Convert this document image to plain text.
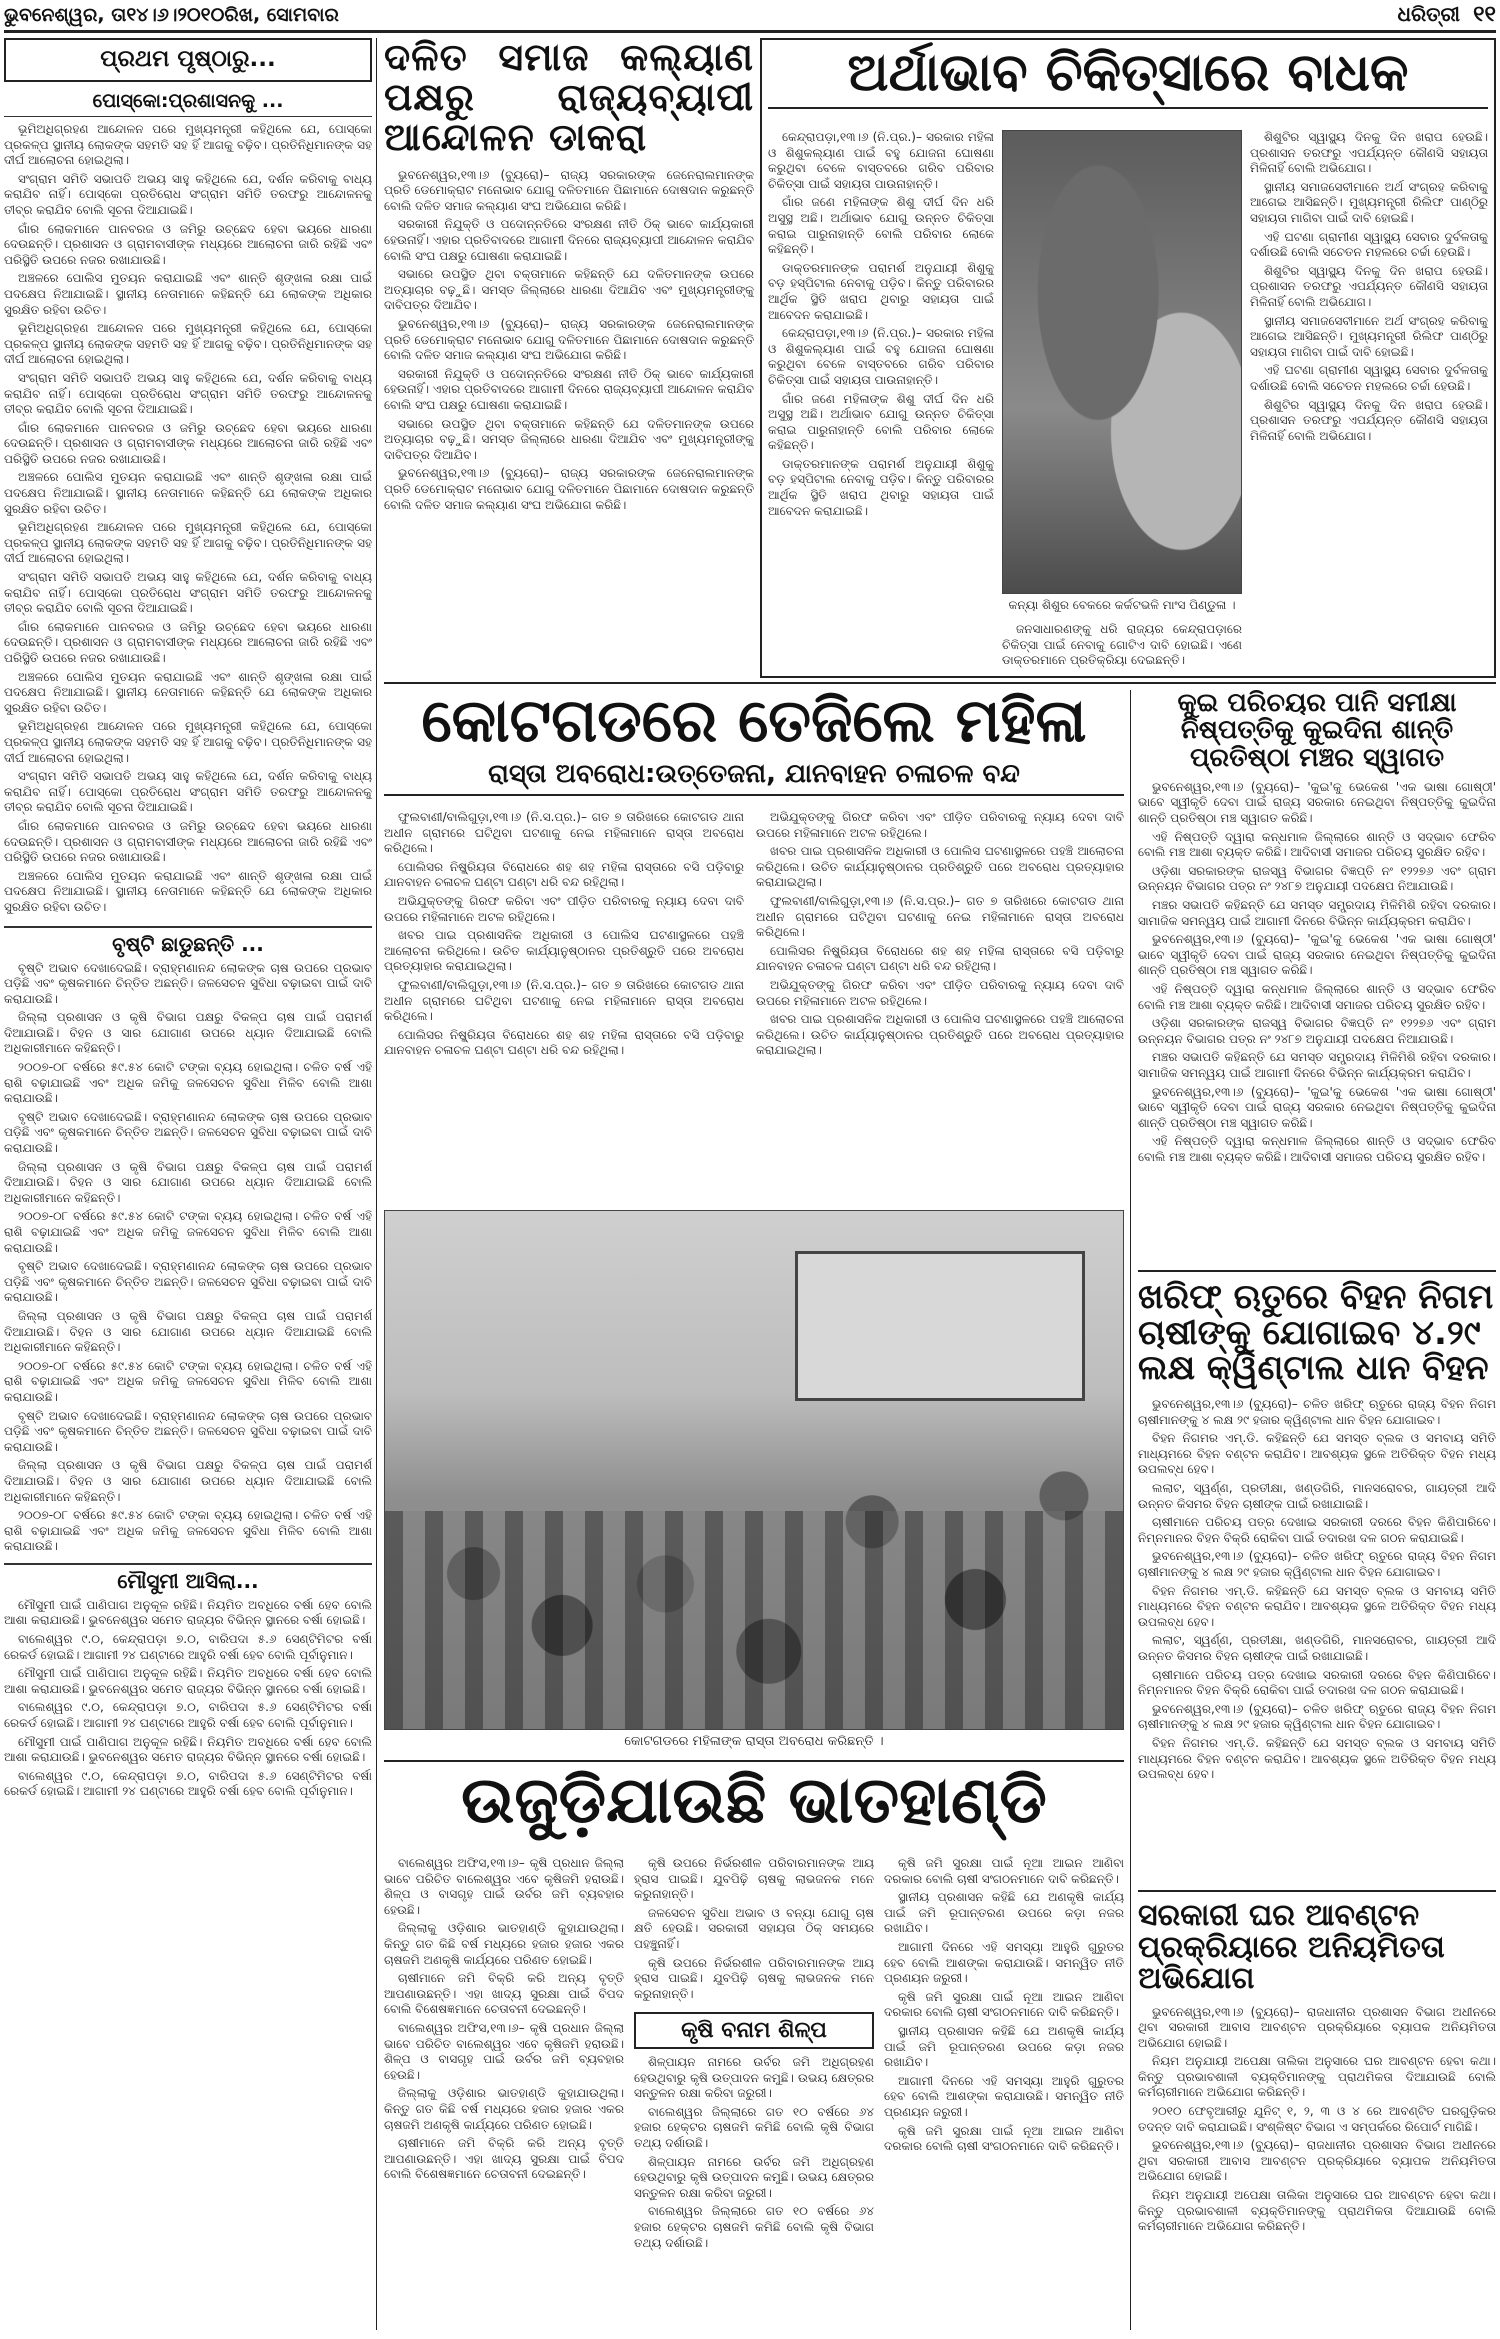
ଭୁବନେଶ୍ୱର, ତା୧୪।୬।୨୦୧୦ରିଖ, ସୋମବାର	ଧରିତ୍ରୀ ୧୧
ପ୍ରଥମ ପୃଷ୍ଠାରୁ...
ପୋସ୍କୋ:ପ୍ରଶାସନକୁ ...

ଭୂମିଅଧିଗ୍ରହଣ ଆନ୍ଦୋଳନ ପରେ ମୁଖ୍ୟମନ୍ତ୍ରୀ କହିଥିଲେ ଯେ, ପୋସ୍କୋ ପ୍ରକଳ୍ପ ସ୍ଥାନୀୟ ଲୋକଙ୍କ ସହମତି ସହ ହିଁ ଆଗକୁ ବଢ଼ିବ। ପ୍ରତିନିଧିମାନଙ୍କ ସହ ଦୀର୍ଘ ଆଲୋଚନା ହୋଇଥିଲା।

ସଂଗ୍ରାମ ସମିତି ସଭାପତି ଅଭୟ ସାହୁ କହିଥିଲେ ଯେ, ଦର୍ଶନ କରିବାକୁ ବାଧ୍ୟ କରାଯିବ ନାହିଁ। ପୋସ୍କୋ ପ୍ରତିରୋଧ ସଂଗ୍ରାମ ସମିତି ତରଫରୁ ଆନ୍ଦୋଳନକୁ ତୀବ୍ର କରାଯିବ ବୋଲି ସୂଚନା ଦିଆଯାଇଛି।

ଗାଁର ଲୋକମାନେ ପାନବରଜ ଓ ଜମିରୁ ଉଚ୍ଛେଦ ହେବା ଭୟରେ ଧାରଣା ଦେଉଛନ୍ତି। ପ୍ରଶାସନ ଓ ଗ୍ରାମବାସୀଙ୍କ ମଧ୍ୟରେ ଆଲୋଚନା ଜାରି ରହିଛି ଏବଂ ପରିସ୍ଥିତି ଉପରେ ନଜର ରଖାଯାଉଛି।

ଅଞ୍ଚଳରେ ପୋଲିସ ମୁତୟନ କରାଯାଇଛି ଏବଂ ଶାନ୍ତି ଶୃଙ୍ଖଳା ରକ୍ଷା ପାଇଁ ପଦକ୍ଷେପ ନିଆଯାଇଛି। ସ୍ଥାନୀୟ ନେତାମାନେ କହିଛନ୍ତି ଯେ ଲୋକଙ୍କ ଅଧିକାର ସୁରକ୍ଷିତ ରହିବା ଉଚିତ।

ଭୂମିଅଧିଗ୍ରହଣ ଆନ୍ଦୋଳନ ପରେ ମୁଖ୍ୟମନ୍ତ୍ରୀ କହିଥିଲେ ଯେ, ପୋସ୍କୋ ପ୍ରକଳ୍ପ ସ୍ଥାନୀୟ ଲୋକଙ୍କ ସହମତି ସହ ହିଁ ଆଗକୁ ବଢ଼ିବ। ପ୍ରତିନିଧିମାନଙ୍କ ସହ ଦୀର୍ଘ ଆଲୋଚନା ହୋଇଥିଲା।

ସଂଗ୍ରାମ ସମିତି ସଭାପତି ଅଭୟ ସାହୁ କହିଥିଲେ ଯେ, ଦର୍ଶନ କରିବାକୁ ବାଧ୍ୟ କରାଯିବ ନାହିଁ। ପୋସ୍କୋ ପ୍ରତିରୋଧ ସଂଗ୍ରାମ ସମିତି ତରଫରୁ ଆନ୍ଦୋଳନକୁ ତୀବ୍ର କରାଯିବ ବୋଲି ସୂଚନା ଦିଆଯାଇଛି।

ଗାଁର ଲୋକମାନେ ପାନବରଜ ଓ ଜମିରୁ ଉଚ୍ଛେଦ ହେବା ଭୟରେ ଧାରଣା ଦେଉଛନ୍ତି। ପ୍ରଶାସନ ଓ ଗ୍ରାମବାସୀଙ୍କ ମଧ୍ୟରେ ଆଲୋଚନା ଜାରି ରହିଛି ଏବଂ ପରିସ୍ଥିତି ଉପରେ ନଜର ରଖାଯାଉଛି।

ଅଞ୍ଚଳରେ ପୋଲିସ ମୁତୟନ କରାଯାଇଛି ଏବଂ ଶାନ୍ତି ଶୃଙ୍ଖଳା ରକ୍ଷା ପାଇଁ ପଦକ୍ଷେପ ନିଆଯାଇଛି। ସ୍ଥାନୀୟ ନେତାମାନେ କହିଛନ୍ତି ଯେ ଲୋକଙ୍କ ଅଧିକାର ସୁରକ୍ଷିତ ରହିବା ଉଚିତ।

ଭୂମିଅଧିଗ୍ରହଣ ଆନ୍ଦୋଳନ ପରେ ମୁଖ୍ୟମନ୍ତ୍ରୀ କହିଥିଲେ ଯେ, ପୋସ୍କୋ ପ୍ରକଳ୍ପ ସ୍ଥାନୀୟ ଲୋକଙ୍କ ସହମତି ସହ ହିଁ ଆଗକୁ ବଢ଼ିବ। ପ୍ରତିନିଧିମାନଙ୍କ ସହ ଦୀର୍ଘ ଆଲୋଚନା ହୋଇଥିଲା।

ସଂଗ୍ରାମ ସମିତି ସଭାପତି ଅଭୟ ସାହୁ କହିଥିଲେ ଯେ, ଦର୍ଶନ କରିବାକୁ ବାଧ୍ୟ କରାଯିବ ନାହିଁ। ପୋସ୍କୋ ପ୍ରତିରୋଧ ସଂଗ୍ରାମ ସମିତି ତରଫରୁ ଆନ୍ଦୋଳନକୁ ତୀବ୍ର କରାଯିବ ବୋଲି ସୂଚନା ଦିଆଯାଇଛି।

ଗାଁର ଲୋକମାନେ ପାନବରଜ ଓ ଜମିରୁ ଉଚ୍ଛେଦ ହେବା ଭୟରେ ଧାରଣା ଦେଉଛନ୍ତି। ପ୍ରଶାସନ ଓ ଗ୍ରାମବାସୀଙ୍କ ମଧ୍ୟରେ ଆଲୋଚନା ଜାରି ରହିଛି ଏବଂ ପରିସ୍ଥିତି ଉପରେ ନଜର ରଖାଯାଉଛି।

ଅଞ୍ଚଳରେ ପୋଲିସ ମୁତୟନ କରାଯାଇଛି ଏବଂ ଶାନ୍ତି ଶୃଙ୍ଖଳା ରକ୍ଷା ପାଇଁ ପଦକ୍ଷେପ ନିଆଯାଇଛି। ସ୍ଥାନୀୟ ନେତାମାନେ କହିଛନ୍ତି ଯେ ଲୋକଙ୍କ ଅଧିକାର ସୁରକ୍ଷିତ ରହିବା ଉଚିତ।

ଭୂମିଅଧିଗ୍ରହଣ ଆନ୍ଦୋଳନ ପରେ ମୁଖ୍ୟମନ୍ତ୍ରୀ କହିଥିଲେ ଯେ, ପୋସ୍କୋ ପ୍ରକଳ୍ପ ସ୍ଥାନୀୟ ଲୋକଙ୍କ ସହମତି ସହ ହିଁ ଆଗକୁ ବଢ଼ିବ। ପ୍ରତିନିଧିମାନଙ୍କ ସହ ଦୀର୍ଘ ଆଲୋଚନା ହୋଇଥିଲା।

ସଂଗ୍ରାମ ସମିତି ସଭାପତି ଅଭୟ ସାହୁ କହିଥିଲେ ଯେ, ଦର୍ଶନ କରିବାକୁ ବାଧ୍ୟ କରାଯିବ ନାହିଁ। ପୋସ୍କୋ ପ୍ରତିରୋଧ ସଂଗ୍ରାମ ସମିତି ତରଫରୁ ଆନ୍ଦୋଳନକୁ ତୀବ୍ର କରାଯିବ ବୋଲି ସୂଚନା ଦିଆଯାଇଛି।

ଗାଁର ଲୋକମାନେ ପାନବରଜ ଓ ଜମିରୁ ଉଚ୍ଛେଦ ହେବା ଭୟରେ ଧାରଣା ଦେଉଛନ୍ତି। ପ୍ରଶାସନ ଓ ଗ୍ରାମବାସୀଙ୍କ ମଧ୍ୟରେ ଆଲୋଚନା ଜାରି ରହିଛି ଏବଂ ପରିସ୍ଥିତି ଉପରେ ନଜର ରଖାଯାଉଛି।

ଅଞ୍ଚଳରେ ପୋଲିସ ମୁତୟନ କରାଯାଇଛି ଏବଂ ଶାନ୍ତି ଶୃଙ୍ଖଳା ରକ୍ଷା ପାଇଁ ପଦକ୍ଷେପ ନିଆଯାଇଛି। ସ୍ଥାନୀୟ ନେତାମାନେ କହିଛନ୍ତି ଯେ ଲୋକଙ୍କ ଅଧିକାର ସୁରକ୍ଷିତ ରହିବା ଉଚିତ।

ବୃଷ୍ଟି ଛାଡୁଛନ୍ତି ...

ବୃଷ୍ଟି ଅଭାବ ଦେଖାଦେଇଛି। ବ୍ରାହ୍ମଣାନନ୍ଦ ଲୋକଙ୍କ ଚାଷ ଉପରେ ପ୍ରଭାବ ପଡ଼ିଛି ଏବଂ କୃଷକମାନେ ଚିନ୍ତିତ ଅଛନ୍ତି। ଜଳସେଚନ ସୁବିଧା ବଢ଼ାଇବା ପାଇଁ ଦାବି କରାଯାଉଛି।

ଜିଲ୍ଲା ପ୍ରଶାସନ ଓ କୃଷି ବିଭାଗ ପକ୍ଷରୁ ବିକଳ୍ପ ଚାଷ ପାଇଁ ପରାମର୍ଶ ଦିଆଯାଉଛି। ବିହନ ଓ ସାର ଯୋଗାଣ ଉପରେ ଧ୍ୟାନ ଦିଆଯାଇଛି ବୋଲି ଅଧିକାରୀମାନେ କହିଛନ୍ତି।

୨୦୦୭-୦୮ ବର୍ଷରେ ୫୯.୫୪ କୋଟି ଟଙ୍କା ବ୍ୟୟ ହୋଇଥିଲା। ଚଳିତ ବର୍ଷ ଏହି ରାଶି ବଢ଼ାଯାଇଛି ଏବଂ ଅଧିକ ଜମିକୁ ଜଳସେଚନ ସୁବିଧା ମିଳିବ ବୋଲି ଆଶା କରାଯାଉଛି।

ବୃଷ୍ଟି ଅଭାବ ଦେଖାଦେଇଛି। ବ୍ରାହ୍ମଣାନନ୍ଦ ଲୋକଙ୍କ ଚାଷ ଉପରେ ପ୍ରଭାବ ପଡ଼ିଛି ଏବଂ କୃଷକମାନେ ଚିନ୍ତିତ ଅଛନ୍ତି। ଜଳସେଚନ ସୁବିଧା ବଢ଼ାଇବା ପାଇଁ ଦାବି କରାଯାଉଛି।

ଜିଲ୍ଲା ପ୍ରଶାସନ ଓ କୃଷି ବିଭାଗ ପକ୍ଷରୁ ବିକଳ୍ପ ଚାଷ ପାଇଁ ପରାମର୍ଶ ଦିଆଯାଉଛି। ବିହନ ଓ ସାର ଯୋଗାଣ ଉପରେ ଧ୍ୟାନ ଦିଆଯାଇଛି ବୋଲି ଅଧିକାରୀମାନେ କହିଛନ୍ତି।

୨୦୦୭-୦୮ ବର୍ଷରେ ୫୯.୫୪ କୋଟି ଟଙ୍କା ବ୍ୟୟ ହୋଇଥିଲା। ଚଳିତ ବର୍ଷ ଏହି ରାଶି ବଢ଼ାଯାଇଛି ଏବଂ ଅଧିକ ଜମିକୁ ଜଳସେଚନ ସୁବିଧା ମିଳିବ ବୋଲି ଆଶା କରାଯାଉଛି।

ବୃଷ୍ଟି ଅଭାବ ଦେଖାଦେଇଛି। ବ୍ରାହ୍ମଣାନନ୍ଦ ଲୋକଙ୍କ ଚାଷ ଉପରେ ପ୍ରଭାବ ପଡ଼ିଛି ଏବଂ କୃଷକମାନେ ଚିନ୍ତିତ ଅଛନ୍ତି। ଜଳସେଚନ ସୁବିଧା ବଢ଼ାଇବା ପାଇଁ ଦାବି କରାଯାଉଛି।

ଜିଲ୍ଲା ପ୍ରଶାସନ ଓ କୃଷି ବିଭାଗ ପକ୍ଷରୁ ବିକଳ୍ପ ଚାଷ ପାଇଁ ପରାମର୍ଶ ଦିଆଯାଉଛି। ବିହନ ଓ ସାର ଯୋଗାଣ ଉପରେ ଧ୍ୟାନ ଦିଆଯାଇଛି ବୋଲି ଅଧିକାରୀମାନେ କହିଛନ୍ତି।

୨୦୦୭-୦୮ ବର୍ଷରେ ୫୯.୫୪ କୋଟି ଟଙ୍କା ବ୍ୟୟ ହୋଇଥିଲା। ଚଳିତ ବର୍ଷ ଏହି ରାଶି ବଢ଼ାଯାଇଛି ଏବଂ ଅଧିକ ଜମିକୁ ଜଳସେଚନ ସୁବିଧା ମିଳିବ ବୋଲି ଆଶା କରାଯାଉଛି।

ବୃଷ୍ଟି ଅଭାବ ଦେଖାଦେଇଛି। ବ୍ରାହ୍ମଣାନନ୍ଦ ଲୋକଙ୍କ ଚାଷ ଉପରେ ପ୍ରଭାବ ପଡ଼ିଛି ଏବଂ କୃଷକମାନେ ଚିନ୍ତିତ ଅଛନ୍ତି। ଜଳସେଚନ ସୁବିଧା ବଢ଼ାଇବା ପାଇଁ ଦାବି କରାଯାଉଛି।

ଜିଲ୍ଲା ପ୍ରଶାସନ ଓ କୃଷି ବିଭାଗ ପକ୍ଷରୁ ବିକଳ୍ପ ଚାଷ ପାଇଁ ପରାମର୍ଶ ଦିଆଯାଉଛି। ବିହନ ଓ ସାର ଯୋଗାଣ ଉପରେ ଧ୍ୟାନ ଦିଆଯାଇଛି ବୋଲି ଅଧିକାରୀମାନେ କହିଛନ୍ତି।

୨୦୦୭-୦୮ ବର୍ଷରେ ୫୯.୫୪ କୋଟି ଟଙ୍କା ବ୍ୟୟ ହୋଇଥିଲା। ଚଳିତ ବର୍ଷ ଏହି ରାଶି ବଢ଼ାଯାଇଛି ଏବଂ ଅଧିକ ଜମିକୁ ଜଳସେଚନ ସୁବିଧା ମିଳିବ ବୋଲି ଆଶା କରାଯାଉଛି।

ମୌସୁମୀ ଆସିଲା...

ମୌସୁମୀ ପାଇଁ ପାଣିପାଗ ଅନୁକୂଳ ରହିଛି। ନିୟମିତ ଅବଧିରେ ବର୍ଷା ହେବ ବୋଲି ଆଶା କରାଯାଉଛି। ଭୁବନେଶ୍ୱର ସମେତ ରାଜ୍ୟର ବିଭିନ୍ନ ସ୍ଥାନରେ ବର୍ଷା ହୋଇଛି।

ବାଲେଶ୍ୱର ୯.୦, କେନ୍ଦ୍ରାପଡ଼ା ୭.୦, ବାରିପଦା ୫.୬ ସେଣ୍ଟିମିଟର ବର୍ଷା ରେକର୍ଡ ହୋଇଛି। ଆଗାମୀ ୨୪ ଘଣ୍ଟାରେ ଆହୁରି ବର୍ଷା ହେବ ବୋଲି ପୂର୍ବାନୁମାନ।

ମୌସୁମୀ ପାଇଁ ପାଣିପାଗ ଅନୁକୂଳ ରହିଛି। ନିୟମିତ ଅବଧିରେ ବର୍ଷା ହେବ ବୋଲି ଆଶା କରାଯାଉଛି। ଭୁବନେଶ୍ୱର ସମେତ ରାଜ୍ୟର ବିଭିନ୍ନ ସ୍ଥାନରେ ବର୍ଷା ହୋଇଛି।

ବାଲେଶ୍ୱର ୯.୦, କେନ୍ଦ୍ରାପଡ଼ା ୭.୦, ବାରିପଦା ୫.୬ ସେଣ୍ଟିମିଟର ବର୍ଷା ରେକର୍ଡ ହୋଇଛି। ଆଗାମୀ ୨୪ ଘଣ୍ଟାରେ ଆହୁରି ବର୍ଷା ହେବ ବୋଲି ପୂର୍ବାନୁମାନ।

ମୌସୁମୀ ପାଇଁ ପାଣିପାଗ ଅନୁକୂଳ ରହିଛି। ନିୟମିତ ଅବଧିରେ ବର୍ଷା ହେବ ବୋଲି ଆଶା କରାଯାଉଛି। ଭୁବନେଶ୍ୱର ସମେତ ରାଜ୍ୟର ବିଭିନ୍ନ ସ୍ଥାନରେ ବର୍ଷା ହୋଇଛି।

ବାଲେଶ୍ୱର ୯.୦, କେନ୍ଦ୍ରାପଡ଼ା ୭.୦, ବାରିପଦା ୫.୬ ସେଣ୍ଟିମିଟର ବର୍ଷା ରେକର୍ଡ ହୋଇଛି। ଆଗାମୀ ୨୪ ଘଣ୍ଟାରେ ଆହୁରି ବର୍ଷା ହେବ ବୋଲି ପୂର୍ବାନୁମାନ।

ଦଳିତ ସମାଜ କଲ୍ୟାଣ ପକ୍ଷରୁ ରାଜ୍ୟବ୍ୟାପୀ ଆନ୍ଦୋଳନ ଡାକରା

ଭୁବନେଶ୍ୱର,୧୩।୬ (ବ୍ୟୁରୋ)– ରାଜ୍ୟ ସରକାରଙ୍କ ଜେନେରାଲମାନଙ୍କ ପ୍ରତି ଡେମୋକ୍ରାଟ ମନୋଭାବ ଯୋଗୁ ଦଳିତମାନେ ପିଛାମାନେ ଦୋଷଦାନ କରୁଛନ୍ତି ବୋଲି ଦଳିତ ସମାଜ କଲ୍ୟାଣ ସଂଘ ଅଭିଯୋଗ କରିଛି।

ସରକାରୀ ନିଯୁକ୍ତି ଓ ପଦୋନ୍ନତିରେ ସଂରକ୍ଷଣ ନୀତି ଠିକ୍ ଭାବେ କାର୍ଯ୍ୟକାରୀ ହେଉନାହିଁ। ଏହାର ପ୍ରତିବାଦରେ ଆଗାମୀ ଦିନରେ ରାଜ୍ୟବ୍ୟାପୀ ଆନ୍ଦୋଳନ କରାଯିବ ବୋଲି ସଂଘ ପକ୍ଷରୁ ଘୋଷଣା କରାଯାଇଛି।

ସଭାରେ ଉପସ୍ଥିତ ଥିବା ବକ୍ତାମାନେ କହିଛନ୍ତି ଯେ ଦଳିତମାନଙ୍କ ଉପରେ ଅତ୍ୟାଚାର ବଢ଼ୁଛି। ସମସ୍ତ ଜିଲ୍ଲାରେ ଧାରଣା ଦିଆଯିବ ଏବଂ ମୁଖ୍ୟମନ୍ତ୍ରୀଙ୍କୁ ଦାବିପତ୍ର ଦିଆଯିବ।

ଭୁବନେଶ୍ୱର,୧୩।୬ (ବ୍ୟୁରୋ)– ରାଜ୍ୟ ସରକାରଙ୍କ ଜେନେରାଲମାନଙ୍କ ପ୍ରତି ଡେମୋକ୍ରାଟ ମନୋଭାବ ଯୋଗୁ ଦଳିତମାନେ ପିଛାମାନେ ଦୋଷଦାନ କରୁଛନ୍ତି ବୋଲି ଦଳିତ ସମାଜ କଲ୍ୟାଣ ସଂଘ ଅଭିଯୋଗ କରିଛି।

ସରକାରୀ ନିଯୁକ୍ତି ଓ ପଦୋନ୍ନତିରେ ସଂରକ୍ଷଣ ନୀତି ଠିକ୍ ଭାବେ କାର୍ଯ୍ୟକାରୀ ହେଉନାହିଁ। ଏହାର ପ୍ରତିବାଦରେ ଆଗାମୀ ଦିନରେ ରାଜ୍ୟବ୍ୟାପୀ ଆନ୍ଦୋଳନ କରାଯିବ ବୋଲି ସଂଘ ପକ୍ଷରୁ ଘୋଷଣା କରାଯାଇଛି।

ସଭାରେ ଉପସ୍ଥିତ ଥିବା ବକ୍ତାମାନେ କହିଛନ୍ତି ଯେ ଦଳିତମାନଙ୍କ ଉପରେ ଅତ୍ୟାଚାର ବଢ଼ୁଛି। ସମସ୍ତ ଜିଲ୍ଲାରେ ଧାରଣା ଦିଆଯିବ ଏବଂ ମୁଖ୍ୟମନ୍ତ୍ରୀଙ୍କୁ ଦାବିପତ୍ର ଦିଆଯିବ।

ଭୁବନେଶ୍ୱର,୧୩।୬ (ବ୍ୟୁରୋ)– ରାଜ୍ୟ ସରକାରଙ୍କ ଜେନେରାଲମାନଙ୍କ ପ୍ରତି ଡେମୋକ୍ରାଟ ମନୋଭାବ ଯୋଗୁ ଦଳିତମାନେ ପିଛାମାନେ ଦୋଷଦାନ କରୁଛନ୍ତି ବୋଲି ଦଳିତ ସମାଜ କଲ୍ୟାଣ ସଂଘ ଅଭିଯୋଗ କରିଛି।

ଅର୍ଥାଭାବ ଚିକିତ୍ସାରେ ବାଧକ

କେନ୍ଦ୍ରାପଡ଼ା,୧୩।୬ (ନି.ପ୍ର.)– ସରକାର ମହିଳା ଓ ଶିଶୁକଲ୍ୟାଣ ପାଇଁ ବହୁ ଯୋଜନା ଘୋଷଣା କରୁଥିବା ବେଳେ ବାସ୍ତବରେ ଗରିବ ପରିବାର ଚିକିତ୍ସା ପାଇଁ ସହାୟତା ପାଉନାହାନ୍ତି।

ଗାଁର ଜଣେ ମହିଳାଙ୍କ ଶିଶୁ ଦୀର୍ଘ ଦିନ ଧରି ଅସୁସ୍ଥ ଅଛି। ଅର୍ଥାଭାବ ଯୋଗୁ ଉନ୍ନତ ଚିକିତ୍ସା କରାଇ ପାରୁନାହାନ୍ତି ବୋଲି ପରିବାର ଲୋକେ କହିଛନ୍ତି।

ଡାକ୍ତରମାନଙ୍କ ପରାମର୍ଶ ଅନୁଯାୟୀ ଶିଶୁକୁ ବଡ଼ ହସ୍ପିଟାଲ ନେବାକୁ ପଡ଼ିବ। କିନ୍ତୁ ପରିବାରର ଆର୍ଥିକ ସ୍ଥିତି ଖରାପ ଥିବାରୁ ସହାୟତା ପାଇଁ ଆବେଦନ କରାଯାଇଛି।

କେନ୍ଦ୍ରାପଡ଼ା,୧୩।୬ (ନି.ପ୍ର.)– ସରକାର ମହିଳା ଓ ଶିଶୁକଲ୍ୟାଣ ପାଇଁ ବହୁ ଯୋଜନା ଘୋଷଣା କରୁଥିବା ବେଳେ ବାସ୍ତବରେ ଗରିବ ପରିବାର ଚିକିତ୍ସା ପାଇଁ ସହାୟତା ପାଉନାହାନ୍ତି।

ଗାଁର ଜଣେ ମହିଳାଙ୍କ ଶିଶୁ ଦୀର୍ଘ ଦିନ ଧରି ଅସୁସ୍ଥ ଅଛି। ଅର୍ଥାଭାବ ଯୋଗୁ ଉନ୍ନତ ଚିକିତ୍ସା କରାଇ ପାରୁନାହାନ୍ତି ବୋଲି ପରିବାର ଲୋକେ କହିଛନ୍ତି।

ଡାକ୍ତରମାନଙ୍କ ପରାମର୍ଶ ଅନୁଯାୟୀ ଶିଶୁକୁ ବଡ଼ ହସ୍ପିଟାଲ ନେବାକୁ ପଡ଼ିବ। କିନ୍ତୁ ପରିବାରର ଆର୍ଥିକ ସ୍ଥିତି ଖରାପ ଥିବାରୁ ସହାୟତା ପାଇଁ ଆବେଦନ କରାଯାଇଛି।

କନ୍ୟା ଶିଶୁର ବେକରେ କର୍କଟଭଳି ମାଂସ ପିଣ୍ଡୁଳା ।

ଜନସାଧାରଣଙ୍କୁ ଧରି ରାଜ୍ୟର କେନ୍ଦ୍ରାପଡ଼ାରେ ଚିକିତ୍ସା ପାଇଁ ନେବାକୁ ଗୋଟିଏ ଦାବି ହୋଇଛି। ଏଣେ ଡାକ୍ତରମାନେ ପ୍ରତିକ୍ରିୟା ଦେଇଛନ୍ତି।

ଶିଶୁଟିର ସ୍ୱାସ୍ଥ୍ୟ ଦିନକୁ ଦିନ ଖରାପ ହେଉଛି। ପ୍ରଶାସନ ତରଫରୁ ଏପର୍ଯ୍ୟନ୍ତ କୌଣସି ସହାୟତା ମିଳିନାହିଁ ବୋଲି ଅଭିଯୋଗ।

ସ୍ଥାନୀୟ ସମାଜସେବୀମାନେ ଅର୍ଥ ସଂଗ୍ରହ କରିବାକୁ ଆଗେଇ ଆସିଛନ୍ତି। ମୁଖ୍ୟମନ୍ତ୍ରୀ ରିଲିଫ ପାଣ୍ଠିରୁ ସହାୟତା ମାଗିବା ପାଇଁ ଦାବି ହୋଇଛି।

ଏହି ଘଟଣା ଗ୍ରାମୀଣ ସ୍ୱାସ୍ଥ୍ୟ ସେବାର ଦୁର୍ବଳତାକୁ ଦର୍ଶାଉଛି ବୋଲି ସଚେତନ ମହଲରେ ଚର୍ଚ୍ଚା ହେଉଛି।

ଶିଶୁଟିର ସ୍ୱାସ୍ଥ୍ୟ ଦିନକୁ ଦିନ ଖରାପ ହେଉଛି। ପ୍ରଶାସନ ତରଫରୁ ଏପର୍ଯ୍ୟନ୍ତ କୌଣସି ସହାୟତା ମିଳିନାହିଁ ବୋଲି ଅଭିଯୋଗ।

ସ୍ଥାନୀୟ ସମାଜସେବୀମାନେ ଅର୍ଥ ସଂଗ୍ରହ କରିବାକୁ ଆଗେଇ ଆସିଛନ୍ତି। ମୁଖ୍ୟମନ୍ତ୍ରୀ ରିଲିଫ ପାଣ୍ଠିରୁ ସହାୟତା ମାଗିବା ପାଇଁ ଦାବି ହୋଇଛି।

ଏହି ଘଟଣା ଗ୍ରାମୀଣ ସ୍ୱାସ୍ଥ୍ୟ ସେବାର ଦୁର୍ବଳତାକୁ ଦର୍ଶାଉଛି ବୋଲି ସଚେତନ ମହଲରେ ଚର୍ଚ୍ଚା ହେଉଛି।

ଶିଶୁଟିର ସ୍ୱାସ୍ଥ୍ୟ ଦିନକୁ ଦିନ ଖରାପ ହେଉଛି। ପ୍ରଶାସନ ତରଫରୁ ଏପର୍ଯ୍ୟନ୍ତ କୌଣସି ସହାୟତା ମିଳିନାହିଁ ବୋଲି ଅଭିଯୋଗ।

କୋଟଗଡରେ ତେଜିଲେ ମହିଳା
ରାସ୍ତା ଅବରୋଧ:ଉତ୍ତେଜନା, ଯାନବାହନ ଚଳାଚଳ ବନ୍ଦ

ଫୁଲବାଣୀ/ବାଲିଗୁଡ଼ା,୧୩।୬ (ନି.ସ.ପ୍ର.)– ଗତ ୭ ତାରିଖରେ କୋଟଗଡ ଥାନା ଅଧୀନ ଗ୍ରାମରେ ଘଟିଥିବା ଘଟଣାକୁ ନେଇ ମହିଳାମାନେ ରାସ୍ତା ଅବରୋଧ କରିଥିଲେ।

ପୋଲିସର ନିଷ୍କ୍ରିୟତା ବିରୋଧରେ ଶହ ଶହ ମହିଳା ରାସ୍ତାରେ ବସି ପଡ଼ିବାରୁ ଯାନବାହନ ଚଳାଚଳ ଘଣ୍ଟା ଘଣ୍ଟା ଧରି ବନ୍ଦ ରହିଥିଲା।

ଅଭିଯୁକ୍ତଙ୍କୁ ଗିରଫ କରିବା ଏବଂ ପୀଡ଼ିତ ପରିବାରକୁ ନ୍ୟାୟ ଦେବା ଦାବି ଉପରେ ମହିଳାମାନେ ଅଟଳ ରହିଥିଲେ।

ଖବର ପାଇ ପ୍ରଶାସନିକ ଅଧିକାରୀ ଓ ପୋଲିସ ଘଟଣାସ୍ଥଳରେ ପହଞ୍ଚି ଆଲୋଚନା କରିଥିଲେ। ଉଚିତ କାର୍ଯ୍ୟାନୁଷ୍ଠାନର ପ୍ରତିଶ୍ରୁତି ପରେ ଅବରୋଧ ପ୍ରତ୍ୟାହାର କରାଯାଇଥିଲା।

ଫୁଲବାଣୀ/ବାଲିଗୁଡ଼ା,୧୩।୬ (ନି.ସ.ପ୍ର.)– ଗତ ୭ ତାରିଖରେ କୋଟଗଡ ଥାନା ଅଧୀନ ଗ୍ରାମରେ ଘଟିଥିବା ଘଟଣାକୁ ନେଇ ମହିଳାମାନେ ରାସ୍ତା ଅବରୋଧ କରିଥିଲେ।

ପୋଲିସର ନିଷ୍କ୍ରିୟତା ବିରୋଧରେ ଶହ ଶହ ମହିଳା ରାସ୍ତାରେ ବସି ପଡ଼ିବାରୁ ଯାନବାହନ ଚଳାଚଳ ଘଣ୍ଟା ଘଣ୍ଟା ଧରି ବନ୍ଦ ରହିଥିଲା।

ଅଭିଯୁକ୍ତଙ୍କୁ ଗିରଫ କରିବା ଏବଂ ପୀଡ଼ିତ ପରିବାରକୁ ନ୍ୟାୟ ଦେବା ଦାବି ଉପରେ ମହିଳାମାନେ ଅଟଳ ରହିଥିଲେ।

ଖବର ପାଇ ପ୍ରଶାସନିକ ଅଧିକାରୀ ଓ ପୋଲିସ ଘଟଣାସ୍ଥଳରେ ପହଞ୍ଚି ଆଲୋଚନା କରିଥିଲେ। ଉଚିତ କାର୍ଯ୍ୟାନୁଷ୍ଠାନର ପ୍ରତିଶ୍ରୁତି ପରେ ଅବରୋଧ ପ୍ରତ୍ୟାହାର କରାଯାଇଥିଲା।

ଫୁଲବାଣୀ/ବାଲିଗୁଡ଼ା,୧୩।୬ (ନି.ସ.ପ୍ର.)– ଗତ ୭ ତାରିଖରେ କୋଟଗଡ ଥାନା ଅଧୀନ ଗ୍ରାମରେ ଘଟିଥିବା ଘଟଣାକୁ ନେଇ ମହିଳାମାନେ ରାସ୍ତା ଅବରୋଧ କରିଥିଲେ।

ପୋଲିସର ନିଷ୍କ୍ରିୟତା ବିରୋଧରେ ଶହ ଶହ ମହିଳା ରାସ୍ତାରେ ବସି ପଡ଼ିବାରୁ ଯାନବାହନ ଚଳାଚଳ ଘଣ୍ଟା ଘଣ୍ଟା ଧରି ବନ୍ଦ ରହିଥିଲା।

ଅଭିଯୁକ୍ତଙ୍କୁ ଗିରଫ କରିବା ଏବଂ ପୀଡ଼ିତ ପରିବାରକୁ ନ୍ୟାୟ ଦେବା ଦାବି ଉପରେ ମହିଳାମାନେ ଅଟଳ ରହିଥିଲେ।

ଖବର ପାଇ ପ୍ରଶାସନିକ ଅଧିକାରୀ ଓ ପୋଲିସ ଘଟଣାସ୍ଥଳରେ ପହଞ୍ଚି ଆଲୋଚନା କରିଥିଲେ। ଉଚିତ କାର୍ଯ୍ୟାନୁଷ୍ଠାନର ପ୍ରତିଶ୍ରୁତି ପରେ ଅବରୋଧ ପ୍ରତ୍ୟାହାର କରାଯାଇଥିଲା।

କୋଟଗଡରେ ମହିଳାଙ୍କ ରାସ୍ତା ଅବରୋଧ କରିଛନ୍ତି ।
କୁଇ ପରିଚୟର ପାନି ସମୀକ୍ଷା ନିଷ୍ପତ୍ତିକୁ କୁଇଦିନା ଶାନ୍ତି ପ୍ରତିଷ୍ଠା ମଞ୍ଚର ସ୍ୱାଗତ

ଭୁବନେଶ୍ୱର,୧୩।୬ (ବ୍ୟୁରୋ)– 'କୁଇ'କୁ ଭେକେଶ 'ଏକ ଭାଷା ଗୋଷ୍ଠୀ' ଭାବେ ସ୍ୱୀକୃତି ଦେବା ପାଇଁ ରାଜ୍ୟ ସରକାର ନେଇଥିବା ନିଷ୍ପତ୍ତିକୁ କୁଇଦିନା ଶାନ୍ତି ପ୍ରତିଷ୍ଠା ମଞ୍ଚ ସ୍ୱାଗତ କରିଛି।

ଏହି ନିଷ୍ପତ୍ତି ଦ୍ୱାରା କନ୍ଧମାଳ ଜିଲ୍ଲାରେ ଶାନ୍ତି ଓ ସଦ୍ଭାବ ଫେରିବ ବୋଲି ମଞ୍ଚ ଆଶା ବ୍ୟକ୍ତ କରିଛି। ଆଦିବାସୀ ସମାଜର ପରିଚୟ ସୁରକ୍ଷିତ ରହିବ।

ଓଡ଼ିଶା ସରକାରଙ୍କ ରାଜସ୍ୱ ବିଭାଗର ବିଜ୍ଞପ୍ତି ନଂ ୧୨୨୭୬ ଏବଂ ଗ୍ରାମ ଉନ୍ନୟନ ବିଭାଗର ପତ୍ର ନଂ ୨୪୮୭ ଅନୁଯାୟୀ ପଦକ୍ଷେପ ନିଆଯାଉଛି।

ମଞ୍ଚର ସଭାପତି କହିଛନ୍ତି ଯେ ସମସ୍ତ ସମ୍ପ୍ରଦାୟ ମିଳିମିଶି ରହିବା ଦରକାର। ସାମାଜିକ ସମନ୍ୱୟ ପାଇଁ ଆଗାମୀ ଦିନରେ ବିଭିନ୍ନ କାର୍ଯ୍ୟକ୍ରମ କରାଯିବ।

ଭୁବନେଶ୍ୱର,୧୩।୬ (ବ୍ୟୁରୋ)– 'କୁଇ'କୁ ଭେକେଶ 'ଏକ ଭାଷା ଗୋଷ୍ଠୀ' ଭାବେ ସ୍ୱୀକୃତି ଦେବା ପାଇଁ ରାଜ୍ୟ ସରକାର ନେଇଥିବା ନିଷ୍ପତ୍ତିକୁ କୁଇଦିନା ଶାନ୍ତି ପ୍ରତିଷ୍ଠା ମଞ୍ଚ ସ୍ୱାଗତ କରିଛି।

ଏହି ନିଷ୍ପତ୍ତି ଦ୍ୱାରା କନ୍ଧମାଳ ଜିଲ୍ଲାରେ ଶାନ୍ତି ଓ ସଦ୍ଭାବ ଫେରିବ ବୋଲି ମଞ୍ଚ ଆଶା ବ୍ୟକ୍ତ କରିଛି। ଆଦିବାସୀ ସମାଜର ପରିଚୟ ସୁରକ୍ଷିତ ରହିବ।

ଓଡ଼ିଶା ସରକାରଙ୍କ ରାଜସ୍ୱ ବିଭାଗର ବିଜ୍ଞପ୍ତି ନଂ ୧୨୨୭୬ ଏବଂ ଗ୍ରାମ ଉନ୍ନୟନ ବିଭାଗର ପତ୍ର ନଂ ୨୪୮୭ ଅନୁଯାୟୀ ପଦକ୍ଷେପ ନିଆଯାଉଛି।

ମଞ୍ଚର ସଭାପତି କହିଛନ୍ତି ଯେ ସମସ୍ତ ସମ୍ପ୍ରଦାୟ ମିଳିମିଶି ରହିବା ଦରକାର। ସାମାଜିକ ସମନ୍ୱୟ ପାଇଁ ଆଗାମୀ ଦିନରେ ବିଭିନ୍ନ କାର୍ଯ୍ୟକ୍ରମ କରାଯିବ।

ଭୁବନେଶ୍ୱର,୧୩।୬ (ବ୍ୟୁରୋ)– 'କୁଇ'କୁ ଭେକେଶ 'ଏକ ଭାଷା ଗୋଷ୍ଠୀ' ଭାବେ ସ୍ୱୀକୃତି ଦେବା ପାଇଁ ରାଜ୍ୟ ସରକାର ନେଇଥିବା ନିଷ୍ପତ୍ତିକୁ କୁଇଦିନା ଶାନ୍ତି ପ୍ରତିଷ୍ଠା ମଞ୍ଚ ସ୍ୱାଗତ କରିଛି।

ଏହି ନିଷ୍ପତ୍ତି ଦ୍ୱାରା କନ୍ଧମାଳ ଜିଲ୍ଲାରେ ଶାନ୍ତି ଓ ସଦ୍ଭାବ ଫେରିବ ବୋଲି ମଞ୍ଚ ଆଶା ବ୍ୟକ୍ତ କରିଛି। ଆଦିବାସୀ ସମାଜର ପରିଚୟ ସୁରକ୍ଷିତ ରହିବ।

ଖରିଫ୍ ଋତୁରେ ବିହନ ନିଗମ ଚାଷୀଙ୍କୁ ଯୋଗାଇବ ୪.୨୯ ଲକ୍ଷ କ୍ୱିଣ୍ଟାଲ ଧାନ ବିହନ

ଭୁବନେଶ୍ୱର,୧୩।୬ (ବ୍ୟୁରୋ)– ଚଳିତ ଖରିଫ୍ ଋତୁରେ ରାଜ୍ୟ ବିହନ ନିଗମ ଚାଷୀମାନଙ୍କୁ ୪ ଲକ୍ଷ ୨୯ ହଜାର କ୍ୱିଣ୍ଟାଲ ଧାନ ବିହନ ଯୋଗାଇବ।

ବିହନ ନିଗମର ଏମ୍.ଡି. କହିଛନ୍ତି ଯେ ସମସ୍ତ ବ୍ଲକ ଓ ସମବାୟ ସମିତି ମାଧ୍ୟମରେ ବିହନ ବଣ୍ଟନ କରାଯିବ। ଆବଶ୍ୟକ ସ୍ଥଳେ ଅତିରିକ୍ତ ବିହନ ମଧ୍ୟ ଉପଲବ୍ଧ ହେବ।

ଲଲାଟ, ସ୍ୱର୍ଣ୍ଣ, ପ୍ରତୀକ୍ଷା, ଖଣ୍ଡଗିରି, ମାନସରୋବର, ଗାୟତ୍ରୀ ଆଦି ଉନ୍ନତ କିସମର ବିହନ ଚାଷୀଙ୍କ ପାଇଁ ରଖାଯାଇଛି।

ଚାଷୀମାନେ ପରିଚୟ ପତ୍ର ଦେଖାଇ ସରକାରୀ ଦରରେ ବିହନ କିଣିପାରିବେ। ନିମ୍ନମାନର ବିହନ ବିକ୍ରି ରୋକିବା ପାଇଁ ତଦାରଖ ଦଳ ଗଠନ କରାଯାଇଛି।

ଭୁବନେଶ୍ୱର,୧୩।୬ (ବ୍ୟୁରୋ)– ଚଳିତ ଖରିଫ୍ ଋତୁରେ ରାଜ୍ୟ ବିହନ ନିଗମ ଚାଷୀମାନଙ୍କୁ ୪ ଲକ୍ଷ ୨୯ ହଜାର କ୍ୱିଣ୍ଟାଲ ଧାନ ବିହନ ଯୋଗାଇବ।

ବିହନ ନିଗମର ଏମ୍.ଡି. କହିଛନ୍ତି ଯେ ସମସ୍ତ ବ୍ଲକ ଓ ସମବାୟ ସମିତି ମାଧ୍ୟମରେ ବିହନ ବଣ୍ଟନ କରାଯିବ। ଆବଶ୍ୟକ ସ୍ଥଳେ ଅତିରିକ୍ତ ବିହନ ମଧ୍ୟ ଉପଲବ୍ଧ ହେବ।

ଲଲାଟ, ସ୍ୱର୍ଣ୍ଣ, ପ୍ରତୀକ୍ଷା, ଖଣ୍ଡଗିରି, ମାନସରୋବର, ଗାୟତ୍ରୀ ଆଦି ଉନ୍ନତ କିସମର ବିହନ ଚାଷୀଙ୍କ ପାଇଁ ରଖାଯାଇଛି।

ଚାଷୀମାନେ ପରିଚୟ ପତ୍ର ଦେଖାଇ ସରକାରୀ ଦରରେ ବିହନ କିଣିପାରିବେ। ନିମ୍ନମାନର ବିହନ ବିକ୍ରି ରୋକିବା ପାଇଁ ତଦାରଖ ଦଳ ଗଠନ କରାଯାଇଛି।

ଭୁବନେଶ୍ୱର,୧୩।୬ (ବ୍ୟୁରୋ)– ଚଳିତ ଖରିଫ୍ ଋତୁରେ ରାଜ୍ୟ ବିହନ ନିଗମ ଚାଷୀମାନଙ୍କୁ ୪ ଲକ୍ଷ ୨୯ ହଜାର କ୍ୱିଣ୍ଟାଲ ଧାନ ବିହନ ଯୋଗାଇବ।

ବିହନ ନିଗମର ଏମ୍.ଡି. କହିଛନ୍ତି ଯେ ସମସ୍ତ ବ୍ଲକ ଓ ସମବାୟ ସମିତି ମାଧ୍ୟମରେ ବିହନ ବଣ୍ଟନ କରାଯିବ। ଆବଶ୍ୟକ ସ୍ଥଳେ ଅତିରିକ୍ତ ବିହନ ମଧ୍ୟ ଉପଲବ୍ଧ ହେବ।

ସରକାରୀ ଘର ଆବଣ୍ଟନ ପ୍ରକ୍ରିୟାରେ ଅନିୟମିତତା ଅଭିଯୋଗ

ଭୁବନେଶ୍ୱର,୧୩।୬ (ବ୍ୟୁରୋ)– ରାଜଧାନୀର ପ୍ରଶାସନ ବିଭାଗ ଅଧୀନରେ ଥିବା ସରକାରୀ ଆବାସ ଆବଣ୍ଟନ ପ୍ରକ୍ରିୟାରେ ବ୍ୟାପକ ଅନିୟମିତତା ଅଭିଯୋଗ ହୋଇଛି।

ନିୟମ ଅନୁଯାୟୀ ଅପେକ୍ଷା ତାଲିକା ଅନୁସାରେ ଘର ଆବଣ୍ଟନ ହେବା କଥା। କିନ୍ତୁ ପ୍ରଭାବଶାଳୀ ବ୍ୟକ୍ତିମାନଙ୍କୁ ପ୍ରାଥମିକତା ଦିଆଯାଉଛି ବୋଲି କର୍ମଚାରୀମାନେ ଅଭିଯୋଗ କରିଛନ୍ତି।

୨୦୧୦ ଫେବୃଆରୀରୁ ଯୁନିଟ୍ ୧, ୨, ୩ ଓ ୪ ରେ ଆବଣ୍ଟିତ ଘରଗୁଡ଼ିକର ତଦନ୍ତ ଦାବି କରାଯାଇଛି। ସଂଶ୍ଳିଷ୍ଟ ବିଭାଗ ଏ ସମ୍ପର୍କରେ ରିପୋର୍ଟ ମାଗିଛି।

ଭୁବନେଶ୍ୱର,୧୩।୬ (ବ୍ୟୁରୋ)– ରାଜଧାନୀର ପ୍ରଶାସନ ବିଭାଗ ଅଧୀନରେ ଥିବା ସରକାରୀ ଆବାସ ଆବଣ୍ଟନ ପ୍ରକ୍ରିୟାରେ ବ୍ୟାପକ ଅନିୟମିତତା ଅଭିଯୋଗ ହୋଇଛି।

ନିୟମ ଅନୁଯାୟୀ ଅପେକ୍ଷା ତାଲିକା ଅନୁସାରେ ଘର ଆବଣ୍ଟନ ହେବା କଥା। କିନ୍ତୁ ପ୍ରଭାବଶାଳୀ ବ୍ୟକ୍ତିମାନଙ୍କୁ ପ୍ରାଥମିକତା ଦିଆଯାଉଛି ବୋଲି କର୍ମଚାରୀମାନେ ଅଭିଯୋଗ କରିଛନ୍ତି।

ଉଜୁଡ଼ିଯାଉଛି ଭାତହାଣ୍ଡି

ବାଲେଶ୍ୱର ଅଫିସ,୧୩।୬– କୃଷି ପ୍ରଧାନ ଜିଲ୍ଲା ଭାବେ ପରିଚିତ ବାଲେଶ୍ୱର ଏବେ କୃଷିଜମି ହରାଉଛି। ଶିଳ୍ପ ଓ ବାସଗୃହ ପାଇଁ ଉର୍ବର ଜମି ବ୍ୟବହାର ହେଉଛି।

ଜିଲ୍ଲାକୁ ଓଡ଼ିଶାର ଭାତହାଣ୍ଡି କୁହାଯାଉଥିଲା। କିନ୍ତୁ ଗତ କିଛି ବର୍ଷ ମଧ୍ୟରେ ହଜାର ହଜାର ଏକର ଚାଷଜମି ଅଣକୃଷି କାର୍ଯ୍ୟରେ ପରିଣତ ହୋଇଛି।

ଚାଷୀମାନେ ଜମି ବିକ୍ରି କରି ଅନ୍ୟ ବୃତ୍ତି ଆପଣାଉଛନ୍ତି। ଏହା ଖାଦ୍ୟ ସୁରକ୍ଷା ପାଇଁ ବିପଦ ବୋଲି ବିଶେଷଜ୍ଞମାନେ ଚେତାବନୀ ଦେଇଛନ୍ତି।

ବାଲେଶ୍ୱର ଅଫିସ,୧୩।୬– କୃଷି ପ୍ରଧାନ ଜିଲ୍ଲା ଭାବେ ପରିଚିତ ବାଲେଶ୍ୱର ଏବେ କୃଷିଜମି ହରାଉଛି। ଶିଳ୍ପ ଓ ବାସଗୃହ ପାଇଁ ଉର୍ବର ଜମି ବ୍ୟବହାର ହେଉଛି।

ଜିଲ୍ଲାକୁ ଓଡ଼ିଶାର ଭାତହାଣ୍ଡି କୁହାଯାଉଥିଲା। କିନ୍ତୁ ଗତ କିଛି ବର୍ଷ ମଧ୍ୟରେ ହଜାର ହଜାର ଏକର ଚାଷଜମି ଅଣକୃଷି କାର୍ଯ୍ୟରେ ପରିଣତ ହୋଇଛି।

ଚାଷୀମାନେ ଜମି ବିକ୍ରି କରି ଅନ୍ୟ ବୃତ୍ତି ଆପଣାଉଛନ୍ତି। ଏହା ଖାଦ୍ୟ ସୁରକ୍ଷା ପାଇଁ ବିପଦ ବୋଲି ବିଶେଷଜ୍ଞମାନେ ଚେତାବନୀ ଦେଇଛନ୍ତି।

କୃଷି ଉପରେ ନିର୍ଭରଶୀଳ ପରିବାରମାନଙ୍କ ଆୟ ହ୍ରାସ ପାଇଛି। ଯୁବପିଢ଼ି ଚାଷକୁ ଲାଭଜନକ ମନେ କରୁନାହାନ୍ତି।

ଜଳସେଚନ ସୁବିଧା ଅଭାବ ଓ ବନ୍ୟା ଯୋଗୁ ଚାଷ କ୍ଷତି ହେଉଛି। ସରକାରୀ ସହାୟତା ଠିକ୍ ସମୟରେ ପହଞ୍ଚୁନାହିଁ।

କୃଷି ଉପରେ ନିର୍ଭରଶୀଳ ପରିବାରମାନଙ୍କ ଆୟ ହ୍ରାସ ପାଇଛି। ଯୁବପିଢ଼ି ଚାଷକୁ ଲାଭଜନକ ମନେ କରୁନାହାନ୍ତି।

କୃଷି ବନାମ ଶିଳ୍ପ

ଶିଳ୍ପାୟନ ନାମରେ ଉର୍ବର ଜମି ଅଧିଗ୍ରହଣ ହେଉଥିବାରୁ କୃଷି ଉତ୍ପାଦନ କମୁଛି। ଉଭୟ କ୍ଷେତ୍ରର ସନ୍ତୁଳନ ରକ୍ଷା କରିବା ଜରୁରୀ।

ବାଲେଶ୍ୱର ଜିଲ୍ଲାରେ ଗତ ୧୦ ବର୍ଷରେ ୬୪ ହଜାର ହେକ୍ଟର ଚାଷଜମି କମିଛି ବୋଲି କୃଷି ବିଭାଗ ତଥ୍ୟ ଦର୍ଶାଉଛି।

ଶିଳ୍ପାୟନ ନାମରେ ଉର୍ବର ଜମି ଅଧିଗ୍ରହଣ ହେଉଥିବାରୁ କୃଷି ଉତ୍ପାଦନ କମୁଛି। ଉଭୟ କ୍ଷେତ୍ରର ସନ୍ତୁଳନ ରକ୍ଷା କରିବା ଜରୁରୀ।

ବାଲେଶ୍ୱର ଜିଲ୍ଲାରେ ଗତ ୧୦ ବର୍ଷରେ ୬୪ ହଜାର ହେକ୍ଟର ଚାଷଜମି କମିଛି ବୋଲି କୃଷି ବିଭାଗ ତଥ୍ୟ ଦର୍ଶାଉଛି।

କୃଷି ଜମି ସୁରକ୍ଷା ପାଇଁ ନୂଆ ଆଇନ ଆଣିବା ଦରକାର ବୋଲି ଚାଷୀ ସଂଗଠନମାନେ ଦାବି କରିଛନ୍ତି।

ସ୍ଥାନୀୟ ପ୍ରଶାସନ କହିଛି ଯେ ଅଣକୃଷି କାର୍ଯ୍ୟ ପାଇଁ ଜମି ରୂପାନ୍ତରଣ ଉପରେ କଡ଼ା ନଜର ରଖାଯିବ।

ଆଗାମୀ ଦିନରେ ଏହି ସମସ୍ୟା ଆହୁରି ଗୁରୁତର ହେବ ବୋଲି ଆଶଙ୍କା କରାଯାଉଛି। ସମନ୍ୱିତ ନୀତି ପ୍ରଣୟନ ଜରୁରୀ।

କୃଷି ଜମି ସୁରକ୍ଷା ପାଇଁ ନୂଆ ଆଇନ ଆଣିବା ଦରକାର ବୋଲି ଚାଷୀ ସଂଗଠନମାନେ ଦାବି କରିଛନ୍ତି।

ସ୍ଥାନୀୟ ପ୍ରଶାସନ କହିଛି ଯେ ଅଣକୃଷି କାର୍ଯ୍ୟ ପାଇଁ ଜମି ରୂପାନ୍ତରଣ ଉପରେ କଡ଼ା ନଜର ରଖାଯିବ।

ଆଗାମୀ ଦିନରେ ଏହି ସମସ୍ୟା ଆହୁରି ଗୁରୁତର ହେବ ବୋଲି ଆଶଙ୍କା କରାଯାଉଛି। ସମନ୍ୱିତ ନୀତି ପ୍ରଣୟନ ଜରୁରୀ।

କୃଷି ଜମି ସୁରକ୍ଷା ପାଇଁ ନୂଆ ଆଇନ ଆଣିବା ଦରକାର ବୋଲି ଚାଷୀ ସଂଗଠନମାନେ ଦାବି କରିଛନ୍ତି।
